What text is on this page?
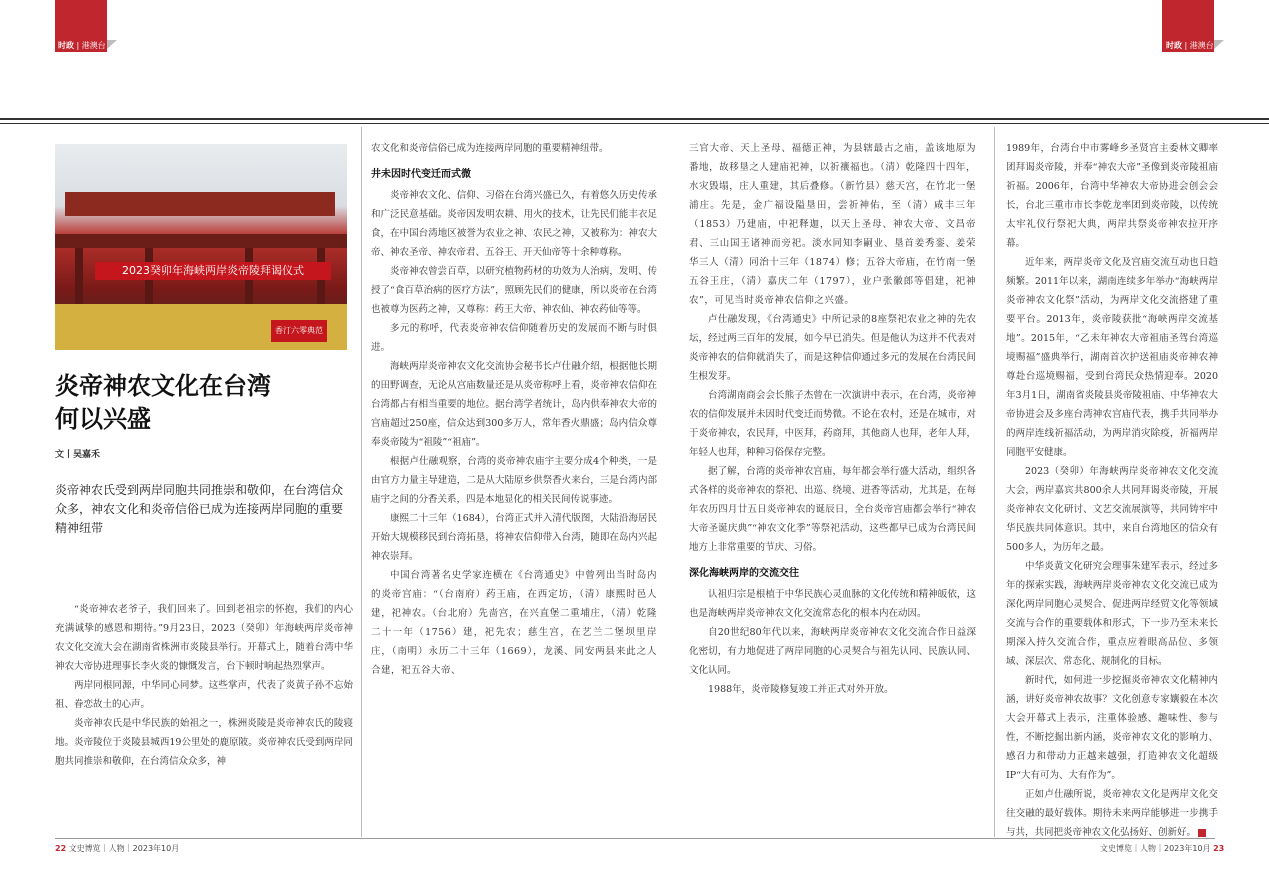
时政 | 港澳台	时政 | 港澳台
2023癸卯年海峡两岸炎帝陵拜谒仪式
香汀六零典范
炎帝神农文化在台湾
何以兴盛
文丨吴嘉禾

炎帝神农氏受到两岸同胞共同推崇和敬仰，在台湾信众众多，神农文化和炎帝信俗已成为连接两岸同胞的重要精神纽带

“炎帝神农老爷子，我们回来了。回到老祖宗的怀抱，我们的内心充满诚挚的感恩和期待。”9月23日，2023（癸卯）年海峡两岸炎帝神农文化交流大会在湖南省株洲市炎陵县举行。开幕式上，随着台湾中华神农大帝协进理事长李火炎的慷慨发言，台下顿时响起热烈掌声。

两岸同根同源，中华同心同梦。这些掌声，代表了炎黄子孙不忘始祖、眷恋故土的心声。

炎帝神农氏是中华民族的始祖之一，株洲炎陵是炎帝神农氏的陵寝地。炎帝陵位于炎陵县城西19公里处的鹿原陂。炎帝神农氏受到两岸同胞共同推崇和敬仰，在台湾信众众多，神

农文化和炎帝信俗已成为连接两岸同胞的重要精神纽带。

井未因时代变迁而式微

炎帝神农文化、信仰、习俗在台湾兴盛已久，有着悠久历史传承和广泛民意基础。炎帝因发明农耕、用火的技术，让先民们能丰衣足食，在中国台湾地区被誉为农业之神、农民之神，又被称为：神农大帝、神农圣帝、神农帝君、五谷王、开天仙帝等十余种尊称。

炎帝神农曾尝百草，以研究植物药材的功效为人治病，发明、传授了“食百草治病的医疗方法”，照顾先民们的健康，所以炎帝在台湾也被尊为医药之神，又尊称：药王大帝、神农仙、神农药仙等等。

多元的称呼，代表炎帝神农信仰随着历史的发展而不断与时俱进。

海峡两岸炎帝神农文化交流协会秘书长卢仕融介绍，根据他长期的田野调查，无论从宫庙数量还是从炎帝称呼上看，炎帝神农信仰在台湾都占有相当重要的地位。据台湾学者统计，岛内供奉神农大帝的宫庙超过250座，信众达到300多万人，常年香火鼎盛；岛内信众尊奉炎帝陵为“祖陵”“祖庙”。

根据卢仕融观察，台湾的炎帝神农庙宇主要分成4个种类，一是由官方力量主导建造，二是从大陆原乡供祭香火来台，三是台湾内部庙宇之间的分香关系，四是本地显化的相关民间传说事迹。

康熙二十三年（1684），台湾正式并入清代版图，大陆沿海居民开始大规模移民到台湾拓垦，将神农信仰带入台湾，随即在岛内兴起神农崇拜。

中国台湾著名史学家连横在《台湾通史》中曾列出当时岛内的炎帝宫庙：“（台南府）药王庙，在西定坊，（清）康熙时邑人建，祀神农。（台北府）先啬宫，在兴直堡二重埔庄，（清）乾隆二十一年（1756）建，祀先农；慈生宫，在艺兰二堡坝里岸庄，（南明）永历二十三年（1669），龙溪、同安两县来此之人合建，祀五谷大帝、

三官大帝、天上圣母、福德正神，为县辖最古之庙，盖该地原为番地，故移垦之人建庙祀神，以祈禳福也。（清）乾隆四十四年，水灾毁塌，庄人重建，其后叠修。（新竹县）慈天宫，在竹北一堡浦庄。先是，金广福设隘垦田，尝祈神佑，至（清）咸丰三年（1853）乃建庙，中祀释迦，以天上圣母、神农大帝、文昌帝君、三山国王诸神而旁祀。淡水同知李嗣业、垦首姜秀銮、姜荣华三人（清）同治十三年（1874）修；五谷大帝庙，在竹南一堡五谷王庄，（清）嘉庆二年（1797），业户张徽郎等倡建，祀神农”，可见当时炎帝神农信仰之兴盛。

卢仕融发现，《台湾通史》中所记录的8座祭祀农业之神的先农坛，经过两三百年的发展，如今早已消失。但是他认为这并不代表对炎帝神农的信仰就消失了，而是这种信仰通过多元的发展在台湾民间生根发芽。

台湾湖南商会会长熊子杰曾在一次演讲中表示，在台湾，炎帝神农的信仰发展并未因时代变迁而势微。不论在农村，还是在城市，对于炎帝神农，农民拜，中医拜，药商拜，其他商人也拜，老年人拜，年轻人也拜，种种习俗保存完整。

据了解，台湾的炎帝神农宫庙，每年都会举行盛大活动，组织各式各样的炎帝神农的祭祀、出巡、绕境、进香等活动，尤其是，在每年农历四月廿五日炎帝神农的诞辰日，全台炎帝宫庙都会举行“神农大帝圣诞庆典”“神农文化季”等祭祀活动，这些都早已成为台湾民间地方上非常重要的节庆、习俗。

深化海峡两岸的交流交往

认祖归宗是根植于中华民族心灵血脉的文化传统和精神皈依，这也是海峡两岸炎帝神农文化交流常态化的根本内在动因。

自20世纪80年代以来，海峡两岸炎帝神农文化交流合作日益深化密切，有力地促进了两岸同胞的心灵契合与祖先认同、民族认同、文化认同。

1988年，炎帝陵修复竣工并正式对外开放。

1989年，台湾台中市雾峰乡圣贤宫主委林文卿率团拜谒炎帝陵，并奉“神农大帝”圣像到炎帝陵祖庙祈福。2006年，台湾中华神农大帝协进会创会会长，台北三重市市长李乾龙率团到炎帝陵，以传统太牢礼仪行祭祀大典，两岸共祭炎帝神农拉开序幕。

近年来，两岸炎帝文化及宫庙交流互动也日趋频繁。2011年以来，湖南连续多年举办“海峡两岸炎帝神农文化祭”活动，为两岸文化交流搭建了重要平台。2013年，炎帝陵获批“海峡两岸交流基地”。2015年，“乙未年神农大帝祖庙圣驾台湾巡境赐福”盛典举行，湖南首次护送祖庙炎帝神农神尊赴台巡境赐福，受到台湾民众热情迎奉。2020年3月1日，湖南省炎陵县炎帝陵祖庙、中华神农大帝协进会及多座台湾神农宫庙代表，携手共同举办的两岸连线祈福活动，为两岸消灾除疫，祈福两岸同胞平安健康。

2023（癸卯）年海峡两岸炎帝神农文化交流大会，两岸嘉宾共800余人共同拜谒炎帝陵，开展炎帝神农文化研讨、文艺交流展演等，共同铸牢中华民族共同体意识。其中，来自台湾地区的信众有500多人，为历年之最。

中华炎黄文化研究会理事朱建军表示，经过多年的探索实践，海峡两岸炎帝神农文化交流已成为深化两岸同胞心灵契合、促进两岸经贸文化等领域交流与合作的重要载体和形式，下一步乃至未来长期深入持久交流合作，重点应着眼高品位、多领域、深层次、常态化、规制化的目标。

新时代，如何进一步挖掘炎帝神农文化精神内涵，讲好炎帝神农故事？文化创意专家孃毅在本次大会开幕式上表示，注重体验感、趣味性、参与性，不断挖掘出新内涵，炎帝神农文化的影响力、感召力和带动力正越来越强，打造神农文化超级IP“大有可为、大有作为”。

正如卢仕融所说，炎帝神农文化是两岸文化交往交融的最好载体。期待未来两岸能够进一步携手与共，共同把炎帝神农文化弘扬好、创新好。

22 文史博览｜人物｜2023年10月	文史博览｜人物｜2023年10月 23
